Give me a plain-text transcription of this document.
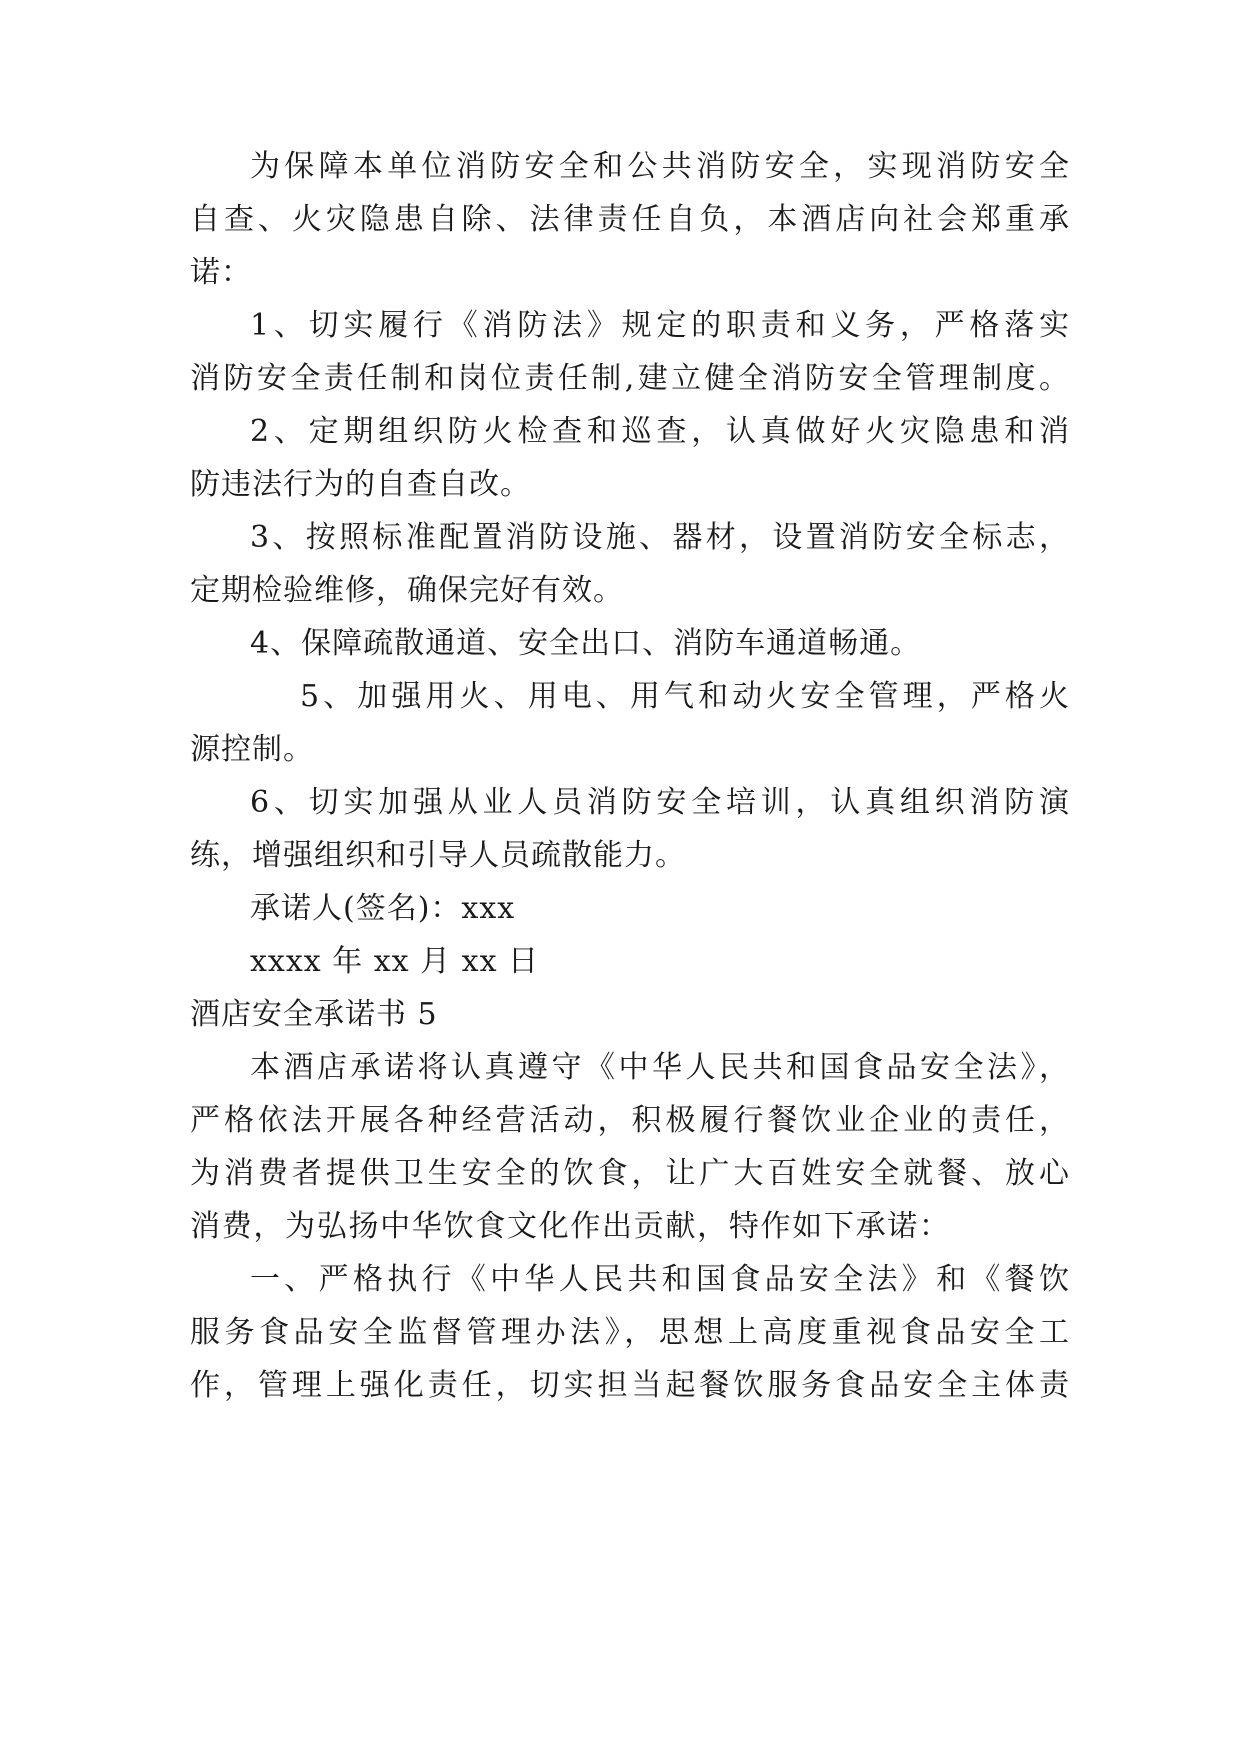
为保障本单位消防安全和公共消防安全，实现消防安全

自查、火灾隐患自除、法律责任自负，本酒店向社会郑重承

诺：

1、切实履行《消防法》规定的职责和义务，严格落实

消防安全责任制和岗位责任制,建立健全消防安全管理制度。

2、定期组织防火检查和巡查，认真做好火灾隐患和消

防违法行为的自查自改。

3、按照标准配置消防设施、器材，设置消防安全标志，

定期检验维修，确保完好有效。

4、保障疏散通道、安全出口、消防车通道畅通。

5、加强用火、用电、用气和动火安全管理，严格火

源控制。

6、切实加强从业人员消防安全培训，认真组织消防演

练，增强组织和引导人员疏散能力。

承诺人(签名)：xxx

xxxx 年 xx 月 xx 日

酒店安全承诺书 5

本酒店承诺将认真遵守《中华人民共和国食品安全法》，

严格依法开展各种经营活动，积极履行餐饮业企业的责任，

为消费者提供卫生安全的饮食，让广大百姓安全就餐、放心

消费，为弘扬中华饮食文化作出贡献，特作如下承诺：

一、严格执行《中华人民共和国食品安全法》和《餐饮

服务食品安全监督管理办法》，思想上高度重视食品安全工

作，管理上强化责任，切实担当起餐饮服务食品安全主体责
